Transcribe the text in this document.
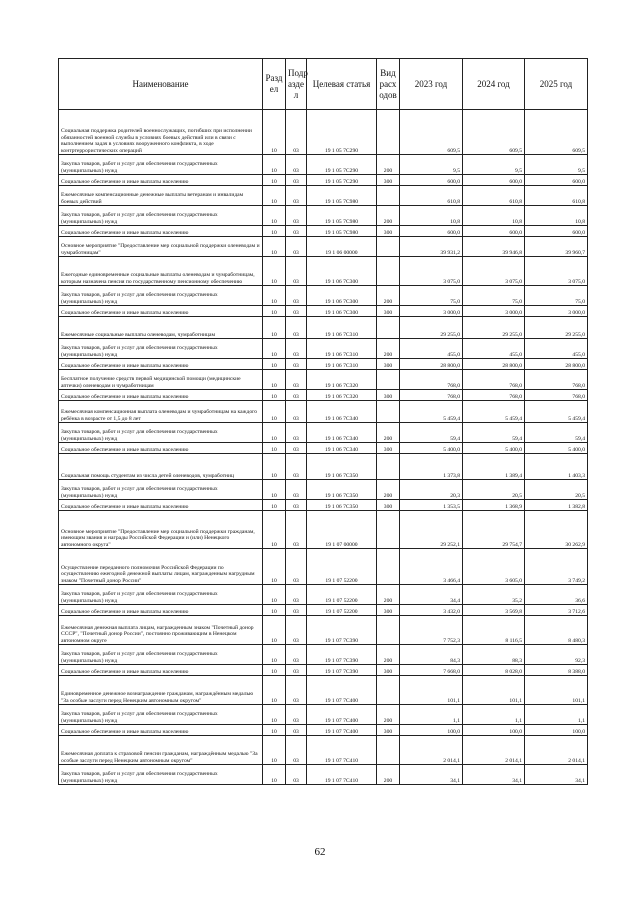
Наименование	Разд ел	Подр азде л	Целевая статья	Вид расх одов	2023 год	2024 год	2025 год
Социальная поддержка родителей военнослужащих, погибших при исполнении обязанностей военной службы в условиях боевых действий или в связи с выполнением задач в условиях вооруженного конфликта, в ходе контртеррористических операций	10	03	19 1 05 7С290		609,5	609,5	609,5
Закупка товаров, работ и услуг для обеспечения государственных (муниципальных) нужд	10	03	19 1 05 7С290	200	9,5	9,5	9,5
Социальное обеспечение и иные выплаты населению	10	03	19 1 05 7С290	300	600,0	600,0	600,0
Ежемесячные компенсационные денежные выплаты ветеранам и инвалидам боевых действий	10	03	19 1 05 7С980		610,8	610,8	610,8
Закупка товаров, работ и услуг для обеспечения государственных (муниципальных) нужд	10	03	19 1 05 7С980	200	10,8	10,8	10,8
Социальное обеспечение и иные выплаты населению	10	03	19 1 05 7С980	300	600,0	600,0	600,0
Основное мероприятие "Предоставление мер социальной поддержки оленеводам и чумработницам"	10	03	19 1 06 00000		39 931,2	39 946,8	39 960,7
Ежегодные единовременные социальные выплаты оленеводам и чумработницам, которым назначена пенсия по государственному пенсионному обеспечению	10	03	19 1 06 7С300		3 075,0	3 075,0	3 075,0
Закупка товаров, работ и услуг для обеспечения государственных (муниципальных) нужд	10	03	19 1 06 7С300	200	75,0	75,0	75,0
Социальное обеспечение и иные выплаты населению	10	03	19 1 06 7С300	300	3 000,0	3 000,0	3 000,0
Ежемесячные социальные выплаты оленеводам, чумработницам	10	03	19 1 06 7С310		29 255,0	29 255,0	29 255,0
Закупка товаров, работ и услуг для обеспечения государственных (муниципальных) нужд	10	03	19 1 06 7С310	200	455,0	455,0	455,0
Социальное обеспечение и иные выплаты населению	10	03	19 1 06 7С310	300	28 800,0	28 800,0	28 800,0
Бесплатное получение средств первой медицинской помощи (медицинские аптечки) оленеводам и чумработницам	10	03	19 1 06 7С320		768,0	768,0	768,0
Социальное обеспечение и иные выплаты населению	10	03	19 1 06 7С320	300	768,0	768,0	768,0
Ежемесячная компенсационная выплата оленеводам и чумработницам на каждого ребёнка в возрасте от 1,5 до 8 лет	10	03	19 1 06 7С340		5 459,4	5 459,4	5 459,4
Закупка товаров, работ и услуг для обеспечения государственных (муниципальных) нужд	10	03	19 1 06 7С340	200	59,4	59,4	59,4
Социальное обеспечение и иные выплаты населению	10	03	19 1 06 7С340	300	5 400,0	5 400,0	5 400,0
Социальная помощь студентам из числа детей оленеводов, чумработниц	10	03	19 1 06 7С350		1 373,8	1 389,4	1 403,3
Закупка товаров, работ и услуг для обеспечения государственных (муниципальных) нужд	10	03	19 1 06 7С350	200	20,3	20,5	20,5
Социальное обеспечение и иные выплаты населению	10	03	19 1 06 7С350	300	1 353,5	1 368,9	1 382,8
Основное мероприятие "Предоставление мер социальной поддержки гражданам, имеющим звания и награды Российской Федерации и (или) Ненецкого автономного округа"	10	03	19 1 07 00000		29 252,1	29 754,7	30 262,9
Осуществление переданного полномочия Российской Федерации по осуществлению ежегодной денежной выплаты лицам, награжденным нагрудным знаком "Почетный донор России"	10	03	19 1 07 52200		3 466,4	3 605,0	3 749,2
Закупка товаров, работ и услуг для обеспечения государственных (муниципальных) нужд	10	03	19 1 07 52200	200	34,4	35,2	36,6
Социальное обеспечение и иные выплаты населению	10	03	19 1 07 52200	300	3 432,0	3 569,8	3 712,6
Ежемесячная денежная выплата лицам, награжденным знаком "Почетный донор СССР", "Почетный донор России", постоянно проживающим в Ненецком автономном округе	10	03	19 1 07 7С390		7 752,3	8 116,5	8 480,3
Закупка товаров, работ и услуг для обеспечения государственных (муниципальных) нужд	10	03	19 1 07 7С390	200	84,3	88,3	92,3
Социальное обеспечение и иные выплаты населению	10	03	19 1 07 7С390	300	7 668,0	8 028,0	8 388,0
Единовременное денежное вознаграждение гражданам, награждённым медалью "За особые заслуги перед Ненецким автономным округом"	10	03	19 1 07 7С400		101,1	101,1	101,1
Закупка товаров, работ и услуг для обеспечения государственных (муниципальных) нужд	10	03	19 1 07 7С400	200	1,1	1,1	1,1
Социальное обеспечение и иные выплаты населению	10	03	19 1 07 7С400	300	100,0	100,0	100,0
Ежемесячная доплата к страховой пенсии гражданам, награждённым медалью "За особые заслуги перед Ненецким автономным округом"	10	03	19 1 07 7С410		2 014,1	2 014,1	2 014,1
Закупка товаров, работ и услуг для обеспечения государственных (муниципальных) нужд	10	03	19 1 07 7С410	200	34,1	34,1	34,1
62
